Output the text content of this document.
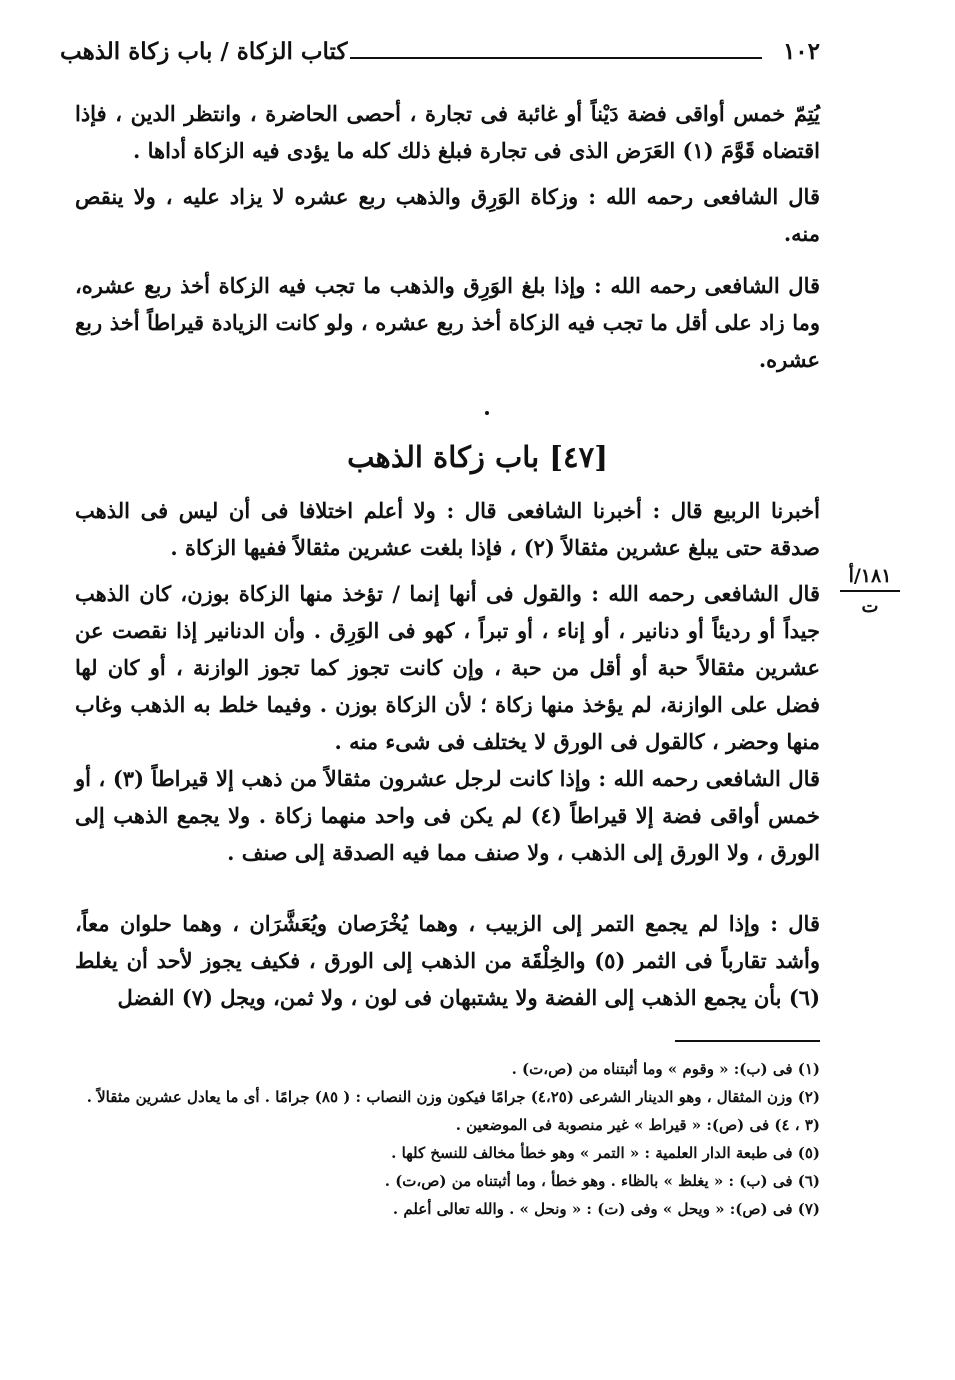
١٠٢
كتاب الزكاة / باب زكاة الذهب
يُتِمّ خمس أواقى فضة دَيْناً أو غائبة فى تجارة ، أحصى الحاضرة ، وانتظر الدين ، فإذا اقتضاه قَوَّمَ (١) العَرَض الذى فى تجارة فبلغ ذلك كله ما يؤدى فيه الزكاة أداها .
قال الشافعى رحمه الله : وزكاة الوَرِق والذهب ربع عشره لا يزاد عليه ، ولا ينقص منه.
قال الشافعى رحمه الله : وإذا بلغ الوَرِق والذهب ما تجب فيه الزكاة أخذ ربع عشره، وما زاد على أقل ما تجب فيه الزكاة أخذ ربع عشره ، ولو كانت الزيادة قيراطاً أخذ ربع عشره.
[٤٧] باب زكاة الذهب
أخبرنا الربيع قال : أخبرنا الشافعى قال : ولا أعلم اختلافا فى أن ليس فى الذهب صدقة حتى يبلغ عشرين مثقالاً (٢) ، فإذا بلغت عشرين مثقالاً ففيها الزكاة .
قال الشافعى رحمه الله : والقول فى أنها إنما / تؤخذ منها الزكاة بوزن، كان الذهب جيداً أو رديئاً أو دنانير ، أو إناء ، أو تبراً ، كهو فى الوَرِق . وأن الدنانير إذا نقصت عن عشرين مثقالاً حبة أو أقل من حبة ، وإن كانت تجوز كما تجوز الوازنة ، أو كان لها فضل على الوازنة، لم يؤخذ منها زكاة ؛ لأن الزكاة بوزن . وفيما خلط به الذهب وغاب منها وحضر ، كالقول فى الورق لا يختلف فى شىء منه .
قال الشافعى رحمه الله : وإذا كانت لرجل عشرون مثقالاً من ذهب إلا قيراطاً (٣) ، أو خمس أواقى فضة إلا قيراطاً (٤) لم يكن فى واحد منهما زكاة . ولا يجمع الذهب إلى الورق ، ولا الورق إلى الذهب ، ولا صنف مما فيه الصدقة إلى صنف .
قال : وإذا لم يجمع التمر إلى الزبيب ، وهما يُخْرَصان ويُعَشَّرَان ، وهما حلوان معاً، وأشد تقارباً فى الثمر (٥) والخِلْقَة من الذهب إلى الورق ، فكيف يجوز لأحد أن يغلط (٦) بأن يجمع الذهب إلى الفضة ولا يشتبهان فى لون ، ولا ثمن، ويجل (٧) الفضل
١٨١/أ
ت

(١) فى (ب): « وقوم » وما أثبتناه من (ص،ت) .

(٢) وزن المثقال ، وهو الدينار الشرعى (٤،٢٥) جرامًا فيكون وزن النصاب : ( ٨٥) جرامًا . أى ما يعادل عشرين مثقالاً .

(٣ ، ٤) فى (ص): « قيراط » غير منصوبة فى الموضعين .

(٥) فى طبعة الدار العلمية : « التمر » وهو خطأ مخالف للنسخ كلها .

(٦) فى (ب) : « يغلظ » بالظاء . وهو خطأ ، وما أثبتناه من (ص،ت) .

(٧) فى (ص): « ويحل » وفى (ت) : « ونحل » . والله تعالى أعلم .
